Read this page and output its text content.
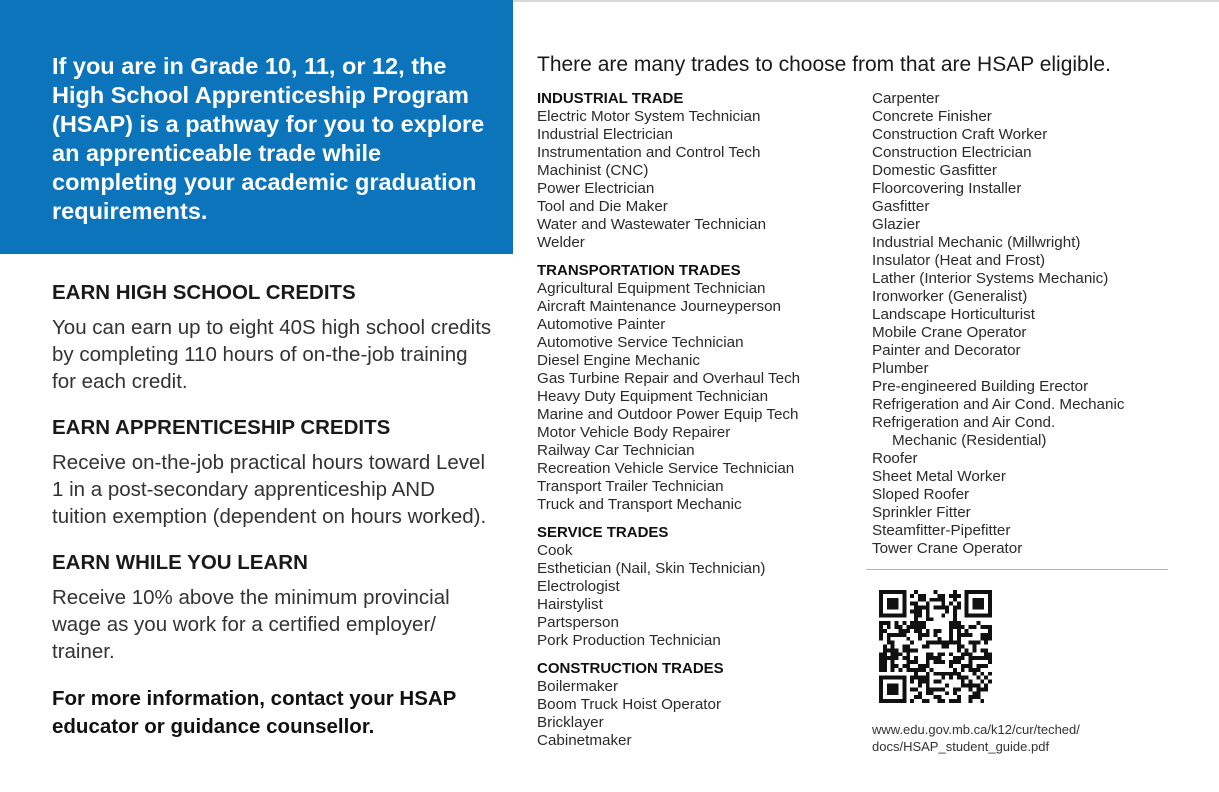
If you are in Grade 10, 11, or 12, the High School Apprenticeship Program (HSAP) is a pathway for you to explore an apprenticeable trade while completing your academic graduation requirements.

EARN HIGH SCHOOL CREDITS

You can earn up to eight 40S high school credits by completing 110 hours of on-the-job training for each credit.

EARN APPRENTICESHIP CREDITS

Receive on-the-job practical hours toward Level 1 in a post-secondary apprenticeship AND tuition exemption (dependent on hours worked).

EARN WHILE YOU LEARN

Receive 10% above the minimum provincial wage as you work for a certified employer/ trainer.

For more information, contact your HSAP educator or guidance counsellor.

There are many trades to choose from that are HSAP eligible.

INDUSTRIAL TRADE
Electric Motor System Technician
Industrial Electrician
Instrumentation and Control Tech
Machinist (CNC)
Power Electrician
Tool and Die Maker
Water and Wastewater Technician
Welder
TRANSPORTATION TRADES
Agricultural Equipment Technician
Aircraft Maintenance Journeyperson
Automotive Painter
Automotive Service Technician
Diesel Engine Mechanic
Gas Turbine Repair and Overhaul Tech
Heavy Duty Equipment Technician
Marine and Outdoor Power Equip Tech
Motor Vehicle Body Repairer
Railway Car Technician
Recreation Vehicle Service Technician
Transport Trailer Technician
Truck and Transport Mechanic
SERVICE TRADES
Cook
Esthetician (Nail, Skin Technician)
Electrologist
Hairstylist
Partsperson
Pork Production Technician
CONSTRUCTION TRADES
Boilermaker
Boom Truck Hoist Operator
Bricklayer
Cabinetmaker
Carpenter
Concrete Finisher
Construction Craft Worker
Construction Electrician
Domestic Gasfitter
Floorcovering Installer
Gasfitter
Glazier
Industrial Mechanic (Millwright)
Insulator (Heat and Frost)
Lather (Interior Systems Mechanic)
Ironworker (Generalist)
Landscape Horticulturist
Mobile Crane Operator
Painter and Decorator
Plumber
Pre-engineered Building Erector
Refrigeration and Air Cond. Mechanic
Refrigeration and Air Cond.
Mechanic (Residential)
Roofer
Sheet Metal Worker
Sloped Roofer
Sprinkler Fitter
Steamfitter-Pipefitter
Tower Crane Operator
www.edu.gov.mb.ca/k12/cur/teched/
docs/HSAP_student_guide.pdf
